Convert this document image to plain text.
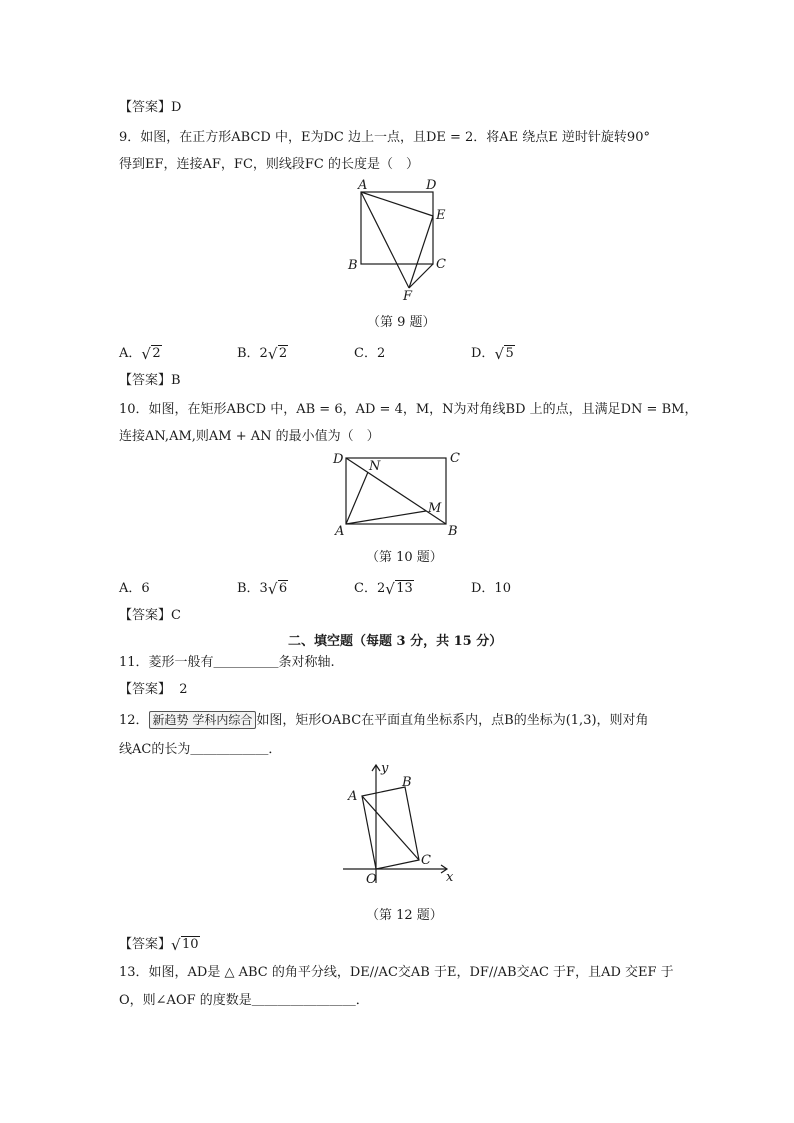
【答案】D
9．如图，在正方形ABCD 中，E为DC 边上一点，且DE = 2．将AE 绕点E 逆时针旋转90°
得到EF，连接AF，FC，则线段FC 的长度是（　）
A	D
E
B	C
F
（第 9 题）
A． √ 2	B．2 √ 2	C．2	D． √ 5
【答案】B
10．如图，在矩形ABCD 中，AB = 6，AD = 4，M，N为对角线BD 上的点，且满足DN = BM，
连接AN,AM,则AM + AN 的最小值为（　）
D	C
N
M
A	B
（第 10 题）
A．6	B．3 √ 6	C．2 √ 13	D．10
【答案】C
二、填空题（每题 3 分，共 15 分）
11．菱形一般有＿＿＿＿＿条对称轴.
【答案】 2
12． 新趋势 学科内综合 如图，矩形OABC在平面直角坐标系内，点B的坐标为(1,3)，则对角
线AC的长为＿＿＿＿＿＿．
y
A
B
C
O	x
（第 12 题）
【答案】 √ 10
13．如图，AD是 △ ABC 的角平分线，DE//AC交AB 于E，DF//AB交AC 于F，且AD 交EF 于
O，则∠AOF 的度数是＿＿＿＿＿＿＿＿．
